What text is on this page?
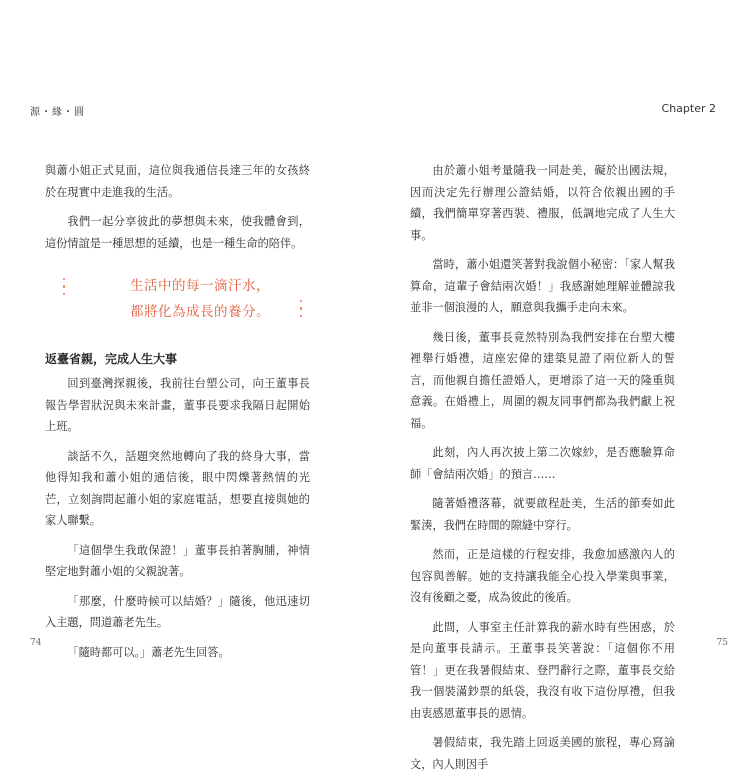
源・緣・圓

與蕭小姐正式見面，這位與我通信長達三年的女孩終於在現實中走進我的生活。

我們一起分享彼此的夢想與未來，使我體會到，這份情誼是一種思想的延續，也是一種生命的陪伴。

生活中的每一滴汗水，
都將化為成長的養分。
返臺省親，完成人生大事

回到臺灣探親後，我前往台塑公司，向王董事長報告學習狀況與未來計畫，董事長要求我隔日起開始上班。

談話不久，話題突然地轉向了我的終身大事，當他得知我和蕭小姐的通信後，眼中閃爍著熱情的光芒，立刻詢問起蕭小姐的家庭電話，想要直接與她的家人聯繫。

「這個學生我敢保證！」董事長拍著胸脯，神情堅定地對蕭小姐的父親說著。

「那麼，什麼時候可以結婚？」隨後，他迅速切入主題，問道蕭老先生。

「隨時都可以。」蕭老先生回答。

74
Chapter 2

由於蕭小姐考量隨我一同赴美，礙於出國法規，因而決定先行辦理公證結婚，以符合依親出國的手續，我們簡單穿著西裝、禮服，低調地完成了人生大事。

當時，蕭小姐還笑著對我說個小秘密：「家人幫我算命，這輩子會結兩次婚！」我感謝她理解並體諒我並非一個浪漫的人，願意與我攜手走向未來。

幾日後，董事長竟然特別為我們安排在台塑大樓裡舉行婚禮，這座宏偉的建築見證了兩位新人的誓言，而他親自擔任證婚人，更增添了這一天的隆重與意義。在婚禮上，周圍的親友同事們都為我們獻上祝福。

此刻，內人再次披上第二次嫁紗，是否應驗算命師「會結兩次婚」的預言……

隨著婚禮落幕，就要啟程赴美，生活的節奏如此緊湊，我們在時間的隙縫中穿行。

然而，正是這樣的行程安排，我愈加感激內人的包容與善解。她的支持讓我能全心投入學業與事業，沒有後顧之憂，成為彼此的後盾。

此間，人事室主任計算我的薪水時有些困惑，於是向董事長請示。王董事長笑著說：「這個你不用管！」更在我暑假結束、登門辭行之際，董事長交給我一個裝滿鈔票的紙袋，我沒有收下這份厚禮，但我由衷感恩董事長的恩情。

暑假結束，我先踏上回返美國的旅程，專心寫論文，內人則因手

75
